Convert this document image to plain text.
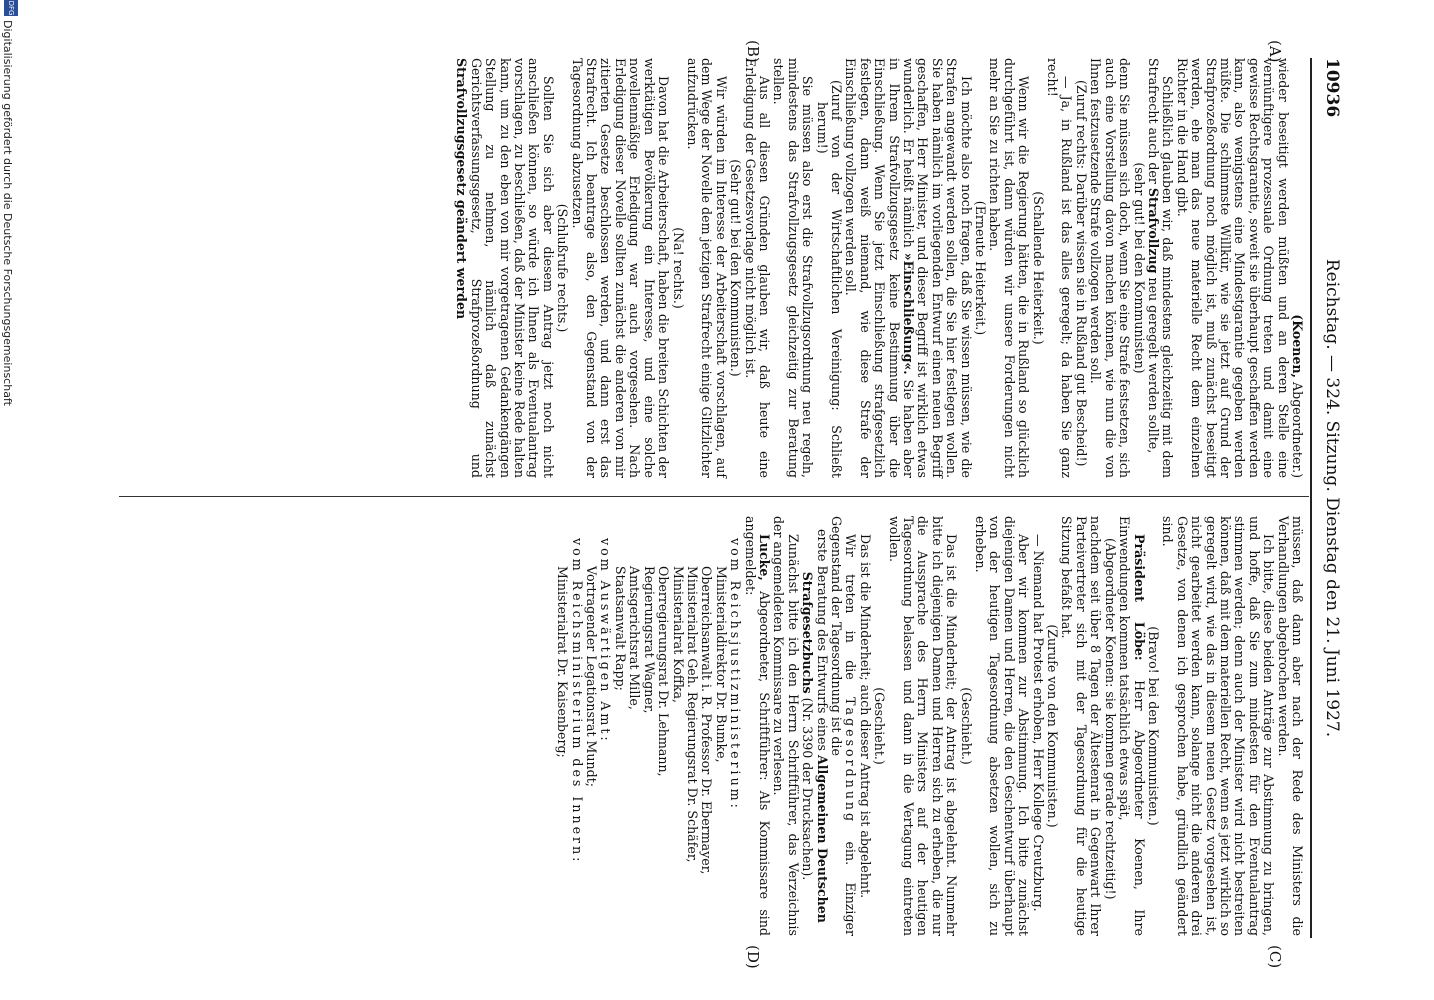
10936
Reichstag. — 324. Sitzung. Dienstag den 21. Juni 1927.
(A)
(B)
(C)
(D)

(Koenen, Abgeordneter.)

wieder beseitigt werden müßten und an deren Stelle eine vernünftigere prozessuale Ordnung treten und damit eine gewisse Rechtsgarantie, soweit sie überhaupt geschaffen werden kann, also wenigstens eine Mindestgarantie gegeben werden müßte. Die schlimmste Willkür, wie sie jetzt auf Grund der Strafprozeßordnung noch möglich ist, muß zunächst beseitigt werden, ehe man das neue materielle Recht dem einzelnen Richter in die Hand gibt.

Schließlich glauben wir, daß mindestens gleichzeitig mit dem Strafrecht auch der Strafvollzug neu geregelt werden sollte,

(sehr gut! bei den Kommunisten)

denn Sie müssen sich doch, wenn Sie eine Strafe festsetzen, sich auch eine Vorstellung davon machen können, wie nun die von Ihnen festzusetzende Strafe vollzogen werden soll.

(Zuruf rechts: Darüber wissen sie in Rußland gut Bescheid!)

— Ja, in Rußland ist das alles geregelt; da haben Sie ganz recht!

(Schallende Heiterkeit.)

Wenn wir die Regierung hätten, die in Rußland so glücklich durchgeführt ist, dann würden wir unsere Forderungen nicht mehr an Sie zu richten haben.

(Erneute Heiterkeit.)

Ich möchte also noch fragen, daß Sie wissen müssen, wie die Strafen angewandt werden sollen, die Sie hier festlegen wollen. Sie haben nämlich im vorliegenden Entwurf einen neuen Begriff geschaffen, Herr Minister, und dieser Begriff ist wirklich etwas wunderlich. Er heißt nämlich »Einschließung«. Sie haben aber in Ihrem Strafvollzugsgesetz keine Bestimmung über die Einschließung. Wenn Sie jetzt Einschließung strafgesetzlich festlegen, dann weiß niemand, wie diese Strafe der Einschließung vollzogen werden soll.

(Zuruf von der Wirtschaftlichen Vereinigung: Schließt herum!)

Sie müssen also erst die Strafvollzugsordnung neu regeln, mindestens das Strafvollzugsgesetz gleichzeitig zur Beratung stellen.

Aus all diesen Gründen glauben wir, daß heute eine Erledigung der Gesetzesvorlage nicht möglich ist.

(Sehr gut! bei den Kommunisten.)

Wir würden im Interesse der Arbeiterschaft vorschlagen, auf dem Wege der Novelle dem jetzigen Strafrecht einige Glitzlichter aufzudrücken.

(Na! rechts.)

Davon hat die Arbeiterschaft, haben die breiten Schichten der werktätigen Bevölkerung ein Interesse, und eine solche novellenmäßige Erledigung war auch vorgesehen. Nach Erledigung dieser Novelle sollten zunächst die anderen von mir zitierten Gesetze beschlossen werden, und dann erst das Strafrecht. Ich beantrage also, den Gegenstand von der Tagesordnung abzusetzen.

(Schlußrufe rechts.)

Sollten Sie sich aber diesem Antrag jetzt noch nicht anschließen können, so würde ich Ihnen als Eventualantrag vorschlagen, zu beschließen, daß der Minister keine Rede halten kann, um zu den eben von mir vorgetragenen Gedankengängen Stellung zu nehmen, nämlich daß zunächst Gerichtsverfassungsgesetz, Strafprozeßordnung und Strafvollzugsgesetz geändert werden

müssen, daß dann aber nach der Rede des Ministers die Verhandlungen abgebrochen werden.

Ich bitte, diese beiden Anträge zur Abstimmung zu bringen, und hoffe, daß Sie zum mindesten für den Eventualantrag stimmen werden; denn auch der Minister wird nicht bestreiten können, daß mit dem materiellen Recht, wenn es jetzt wirklich so geregelt wird, wie das in diesem neuen Gesetz vorgesehen ist, nicht gearbeitet werden kann, solange nicht die anderen drei Gesetze, von denen ich gesprochen habe, gründlich geändert sind.

(Bravo! bei den Kommunisten.)

Präsident Löbe: Herr Abgeordneter Koenen, Ihre Einwendungen kommen tatsächlich etwas spät,

(Abgeordneter Koenen: sie kommen gerade rechtzeitig!)

nachdem seit über 8 Tagen der Ältestenrat in Gegenwart Ihrer Parteivertreter sich mit der Tagesordnung für die heutige Sitzung befaßt hat.

(Zurufe von den Kommunisten.)

— Niemand hat Protest erhoben, Herr Kollege Creutzburg.

Aber wir kommen zur Abstimmung. Ich bitte zunächst diejenigen Damen und Herren, die den Geschentwurf überhaupt von der heutigen Tagesordnung absetzen wollen, sich zu erheben.

(Geschieht.)

Das ist die Minderheit; der Antrag ist abgelehnt. Nunmehr bitte ich diejenigen Damen und Herren sich zu erheben, die nur die Aussprache des Herrn Ministers auf der heutigen Tagesordnung belassen und dann in die Vertagung eintreten wollen.

(Geschieht.)

Das ist die Minderheit; auch dieser Antrag ist abgelehnt.

Wir treten in die Tagesordnung ein. Einziger Gegenstand der Tagesordnung ist die

erste Beratung des Entwurfs eines Allgemeinen Deutschen Strafgesetzbuchs (Nr. 3390 der Drucksachen).

Zunächst bitte ich den Herrn Schriftführer, das Verzeichnis der angemeldeten Kommissare zu verlesen.

Lucke, Abgeordneter, Schriftführer: Als Kommissare sind angemeldet:

vom Reichsjustizministerium:

Ministerialdirektor Dr. Bumke,

Oberreichsanwalt i. R. Professor Dr. Ebermayer,

Ministerialrat Geh. Regierungsrat Dr. Schäfer,

Ministerialrat Koffka,

Oberregierungsrat Dr. Lehmann,

Regierungsrat Wagner,

Amtsgerichtsrat Mille,

Staatsanwalt Rapp;

vom Auswärtigen Amt:

Vortragender Legationsrat Mundt;

vom Reichsministerium des Innern:

Ministerialrat Dr. Kaisenberg;

DFG
Digitalisierung gefördert durch die Deutsche Forschungsgemeinschaft
